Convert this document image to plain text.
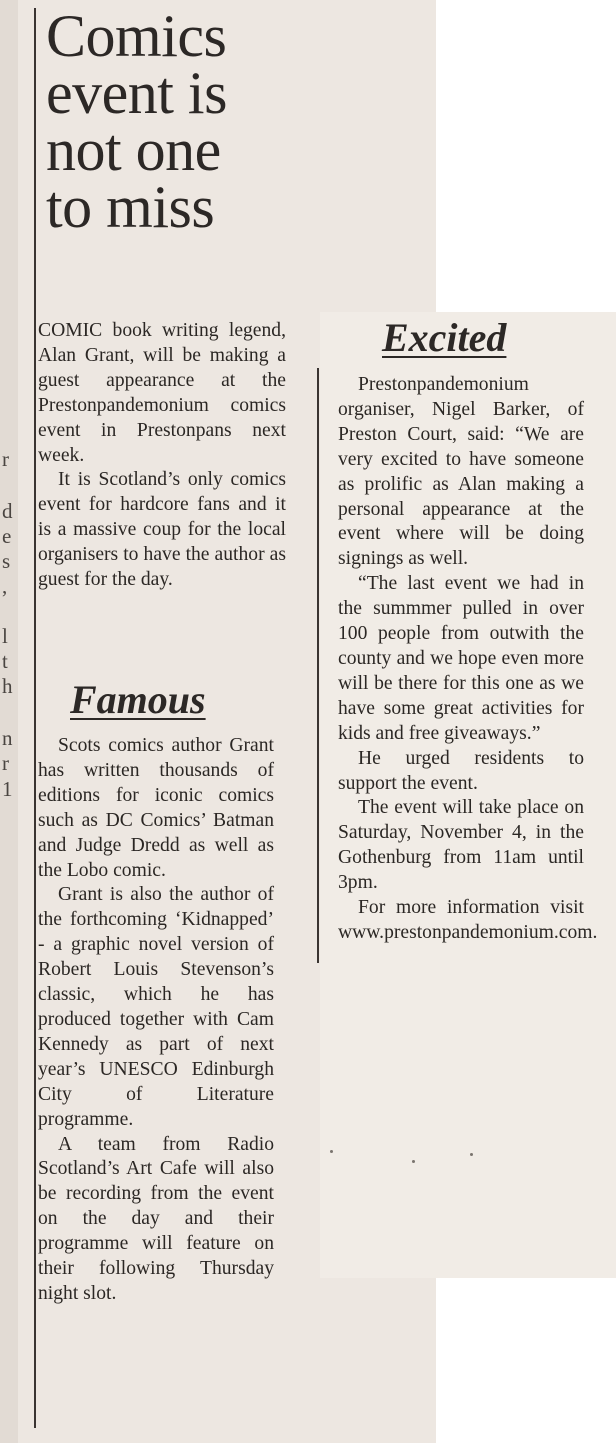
r
d
e
s
,
l
t
h
n
r
1
Comics
event is
not one
to miss

COMIC book writing legend, Alan Grant, will be making a guest appearance at the Prestonpandemonium comics event in Prestonpans next week.

It is Scotland’s only comics event for hardcore fans and it is a massive coup for the local organisers to have the author as guest for the day.

Famous

Scots comics author Grant has written thousands of editions for iconic comics such as DC Comics’ Batman and Judge Dredd as well as the Lobo comic.

Grant is also the author of the forthcoming ‘Kidnapped’ - a graphic novel version of Robert Louis Stevenson’s classic, which he has produced together with Cam Kennedy as part of next year’s UNESCO Edinburgh City of Literature programme.

A team from Radio Scotland’s Art Cafe will also be recording from the event on the day and their programme will feature on their following Thursday night slot.

Excited

Prestonpandemonium organiser, Nigel Barker, of Preston Court, said: “We are very excited to have someone as prolific as Alan making a personal appearance at the event where will be doing signings as well.

“The last event we had in the summmer pulled in over 100 people from outwith the county and we hope even more will be there for this one as we have some great activities for kids and free giveaways.”

He urged residents to support the event.

The event will take place on Saturday, November 4, in the Gothenburg from 11am until 3pm.

For more information visit www.prestonpandemonium.com.
